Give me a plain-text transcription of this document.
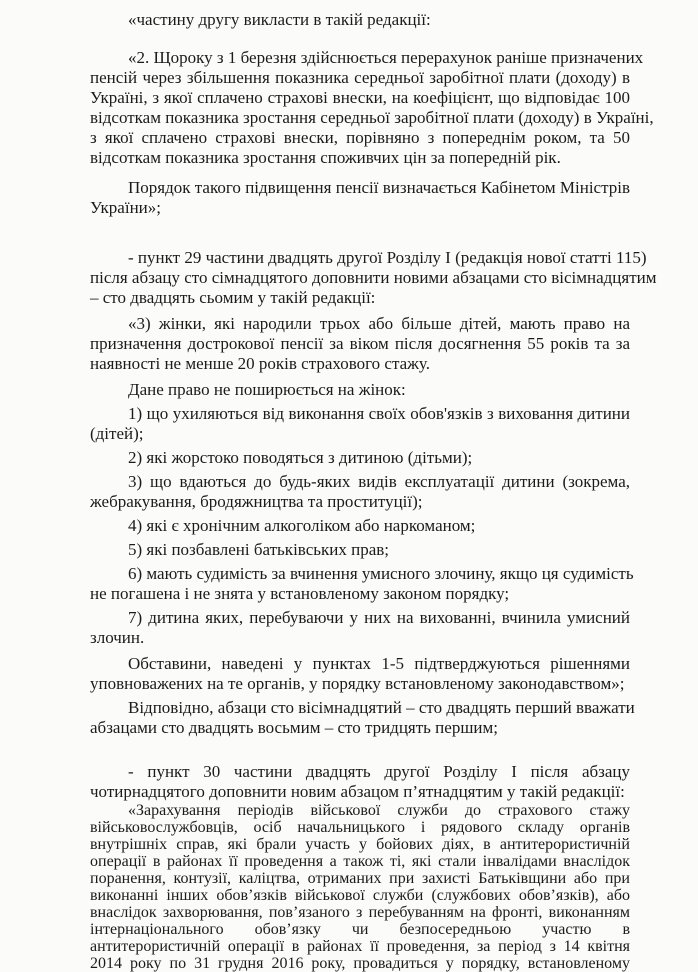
«частину другу викласти в такій редакції:
«2. Щороку з 1 березня здійснюється перерахунок раніше призначених
пенсій через збільшення показника середньої заробітної плати (доходу) в
Україні, з якої сплачено страхові внески, на коефіцієнт, що відповідає 100
відсоткам показника зростання середньої заробітної плати (доходу) в Україні,
з якої сплачено страхові внески, порівняно з попереднім роком, та 50
відсоткам показника зростання споживчих цін за попередній рік.
Порядок такого підвищення пенсії визначається Кабінетом Міністрів
України»;
- пункт 29 частини двадцять другої Розділу I (редакція нової статті 115)
після абзацу сто сімнадцятого доповнити новими абзацами сто вісімнадцятим
– сто двадцять сьомим у такій редакції:
«3) жінки, які народили трьох або більше дітей, мають право на
призначення дострокової пенсії за віком після досягнення 55 років та за
наявності не менше 20 років страхового стажу.
Дане право не поширюється на жінок:
1) що ухиляються від виконання своїх обов'язків з виховання дитини
(дітей);
2) які жорстоко поводяться з дитиною (дітьми);
3) що вдаються до будь-яких видів експлуатації дитини (зокрема,
жебракування, бродяжництва та проституції);
4) які є хронічним алкоголіком або наркоманом;
5) які позбавлені батьківських прав;
6) мають судимість за вчинення умисного злочину, якщо ця судимість
не погашена і не знята у встановленому законом порядку;
7) дитина яких, перебуваючи у них на вихованні, вчинила умисний
злочин.
Обставини, наведені у пунктах 1-5 підтверджуються рішеннями
уповноважених на те органів, у порядку встановленому законодавством»;
Відповідно, абзаци сто вісімнадцятий – сто двадцять перший вважати
абзацами сто двадцять восьмим – сто тридцять першим;
- пункт 30 частини двадцять другої Розділу I після абзацу
чотирнадцятого доповнити новим абзацом п’ятнадцятим у такій редакції:
«Зарахування періодів військової служби до страхового стажу
військовослужбовців, осіб начальницького і рядового складу органів
внутрішніх справ, які брали участь у бойових діях, в антитерористичній
операції в районах її проведення а також ті, які стали інвалідами внаслідок
поранення, контузії, каліцтва, отриманих при захисті Батьківщини або при
виконанні інших обов’язків військової служби (службових обов’язків), або
внаслідок захворювання, пов’язаного з перебуванням на фронті, виконанням
інтернаціонального обов’язку чи безпосередньою участю в
антитерористичній операції в районах її проведення, за період з 14 квітня
2014 року по 31 грудня 2016 року, провадиться у порядку, встановленому
